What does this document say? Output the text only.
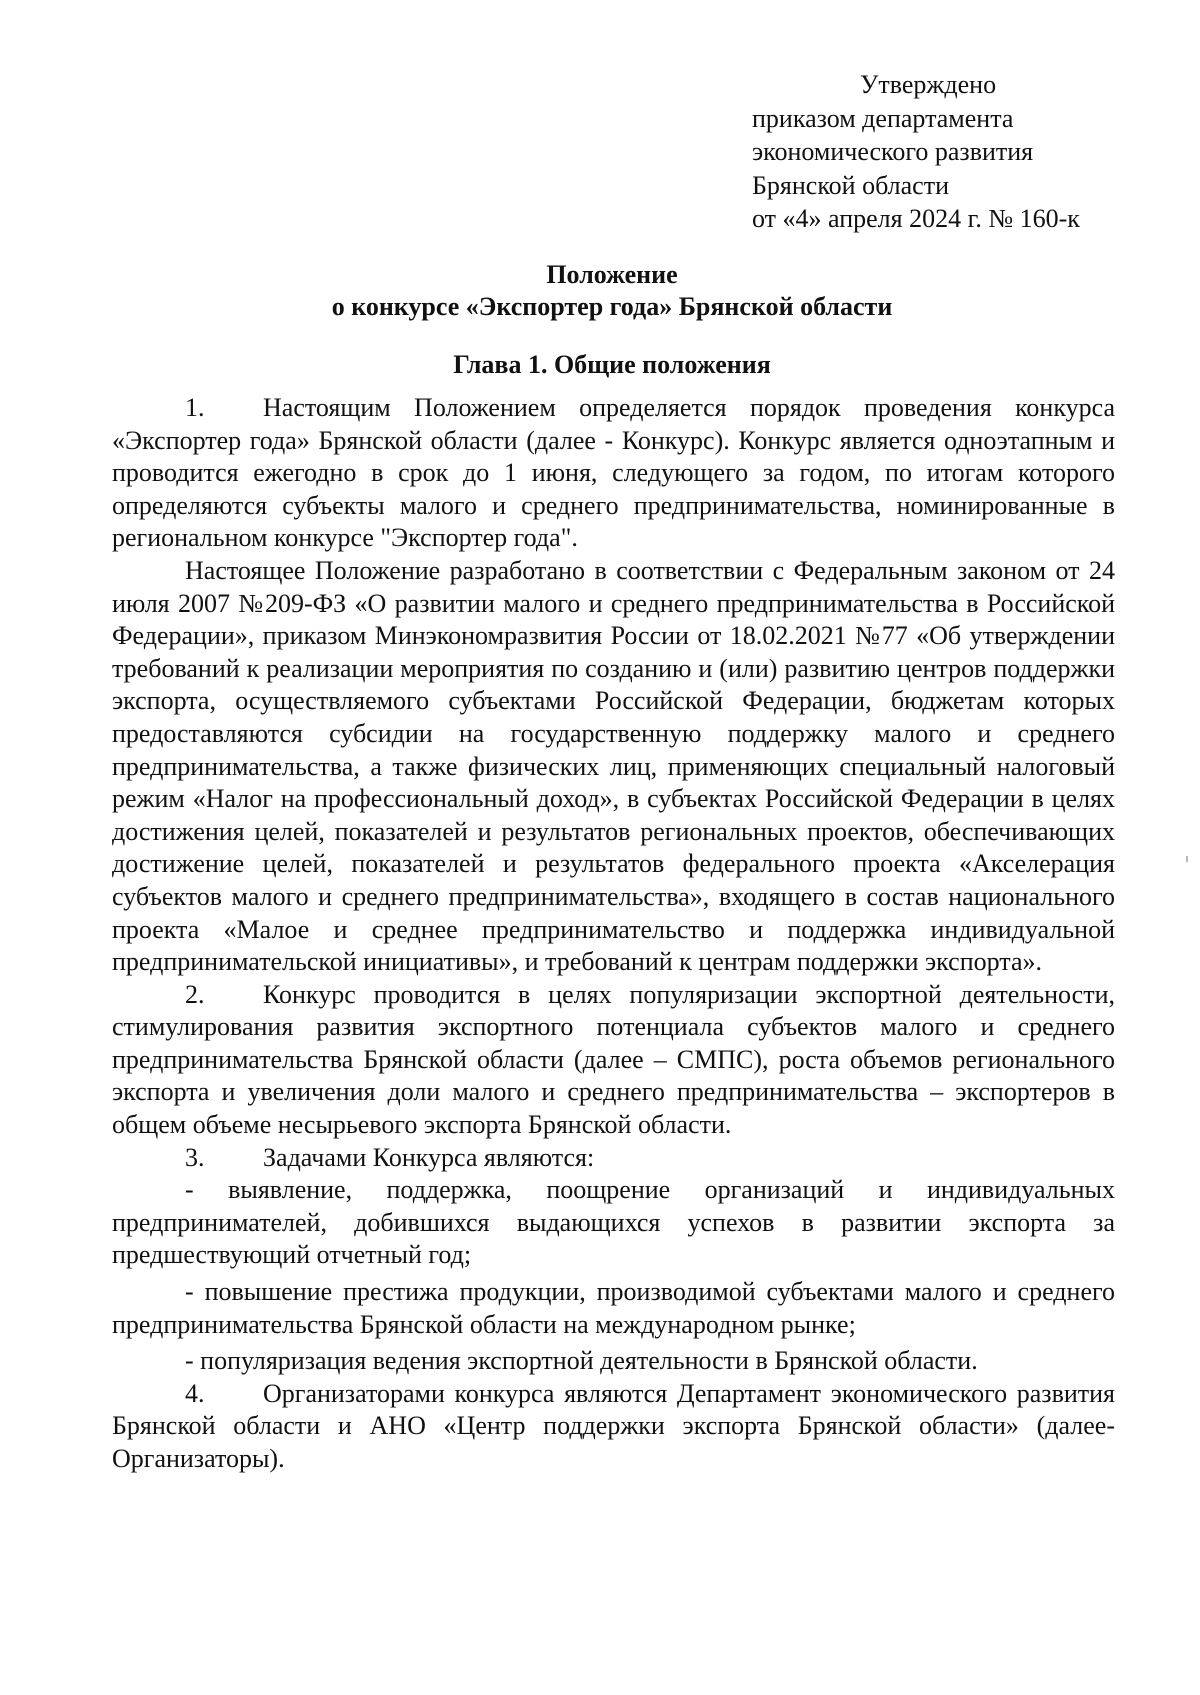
Утверждено
приказом департамента
экономического развития
Брянской области
от «4» апреля 2024 г. № 160-к
Положение
о конкурсе «Экспортер года» Брянской области
Глава 1. Общие положения

1. Настоящим Положением определяется порядок проведения конкурса «Экспортер года» Брянской области (далее - Конкурс). Конкурс является одноэтапным и проводится ежегодно в срок до 1 июня, следующего за годом, по итогам которого определяются субъекты малого и среднего предпринимательства, номинированные в региональном конкурсе "Экспортер года".

Настоящее Положение разработано в соответствии с Федеральным законом от 24 июля 2007 №209-ФЗ «О развитии малого и среднего предпринимательства в Российской Федерации», приказом Минэкономразвития России от 18.02.2021 №77 «Об утверждении требований к реализации мероприятия по созданию и (или) развитию центров поддержки экспорта, осуществляемого субъектами Российской Федерации, бюджетам которых предоставляются субсидии на государственную поддержку малого и среднего предпринимательства, а также физических лиц, применяющих специальный налоговый режим «Налог на профессиональный доход», в субъектах Российской Федерации в целях достижения целей, показателей и результатов региональных проектов, обеспечивающих достижение целей, показателей и результатов федерального проекта «Акселерация субъектов малого и среднего предпринимательства», входящего в состав национального проекта «Малое и среднее предпринимательство и поддержка индивидуальной предпринимательской инициативы», и требований к центрам поддержки экспорта».

2. Конкурс проводится в целях популяризации экспортной деятельности, стимулирования развития экспортного потенциала субъектов малого и среднего предпринимательства Брянской области (далее – СМПС), роста объемов регионального экспорта и увеличения доли малого и среднего предпринимательства – экспортеров в общем объеме несырьевого экспорта Брянской области.

3. Задачами Конкурса являются:

- выявление, поддержка, поощрение организаций и индивидуальных предпринимателей, добившихся выдающихся успехов в развитии экспорта за предшествующий отчетный год;

- повышение престижа продукции, производимой субъектами малого и среднего предпринимательства Брянской области на международном рынке;

- популяризация ведения экспортной деятельности в Брянской области.

4. Организаторами конкурса являются Департамент экономического развития Брянской области и АНО «Центр поддержки экспорта Брянской области» (далее- Организаторы).
